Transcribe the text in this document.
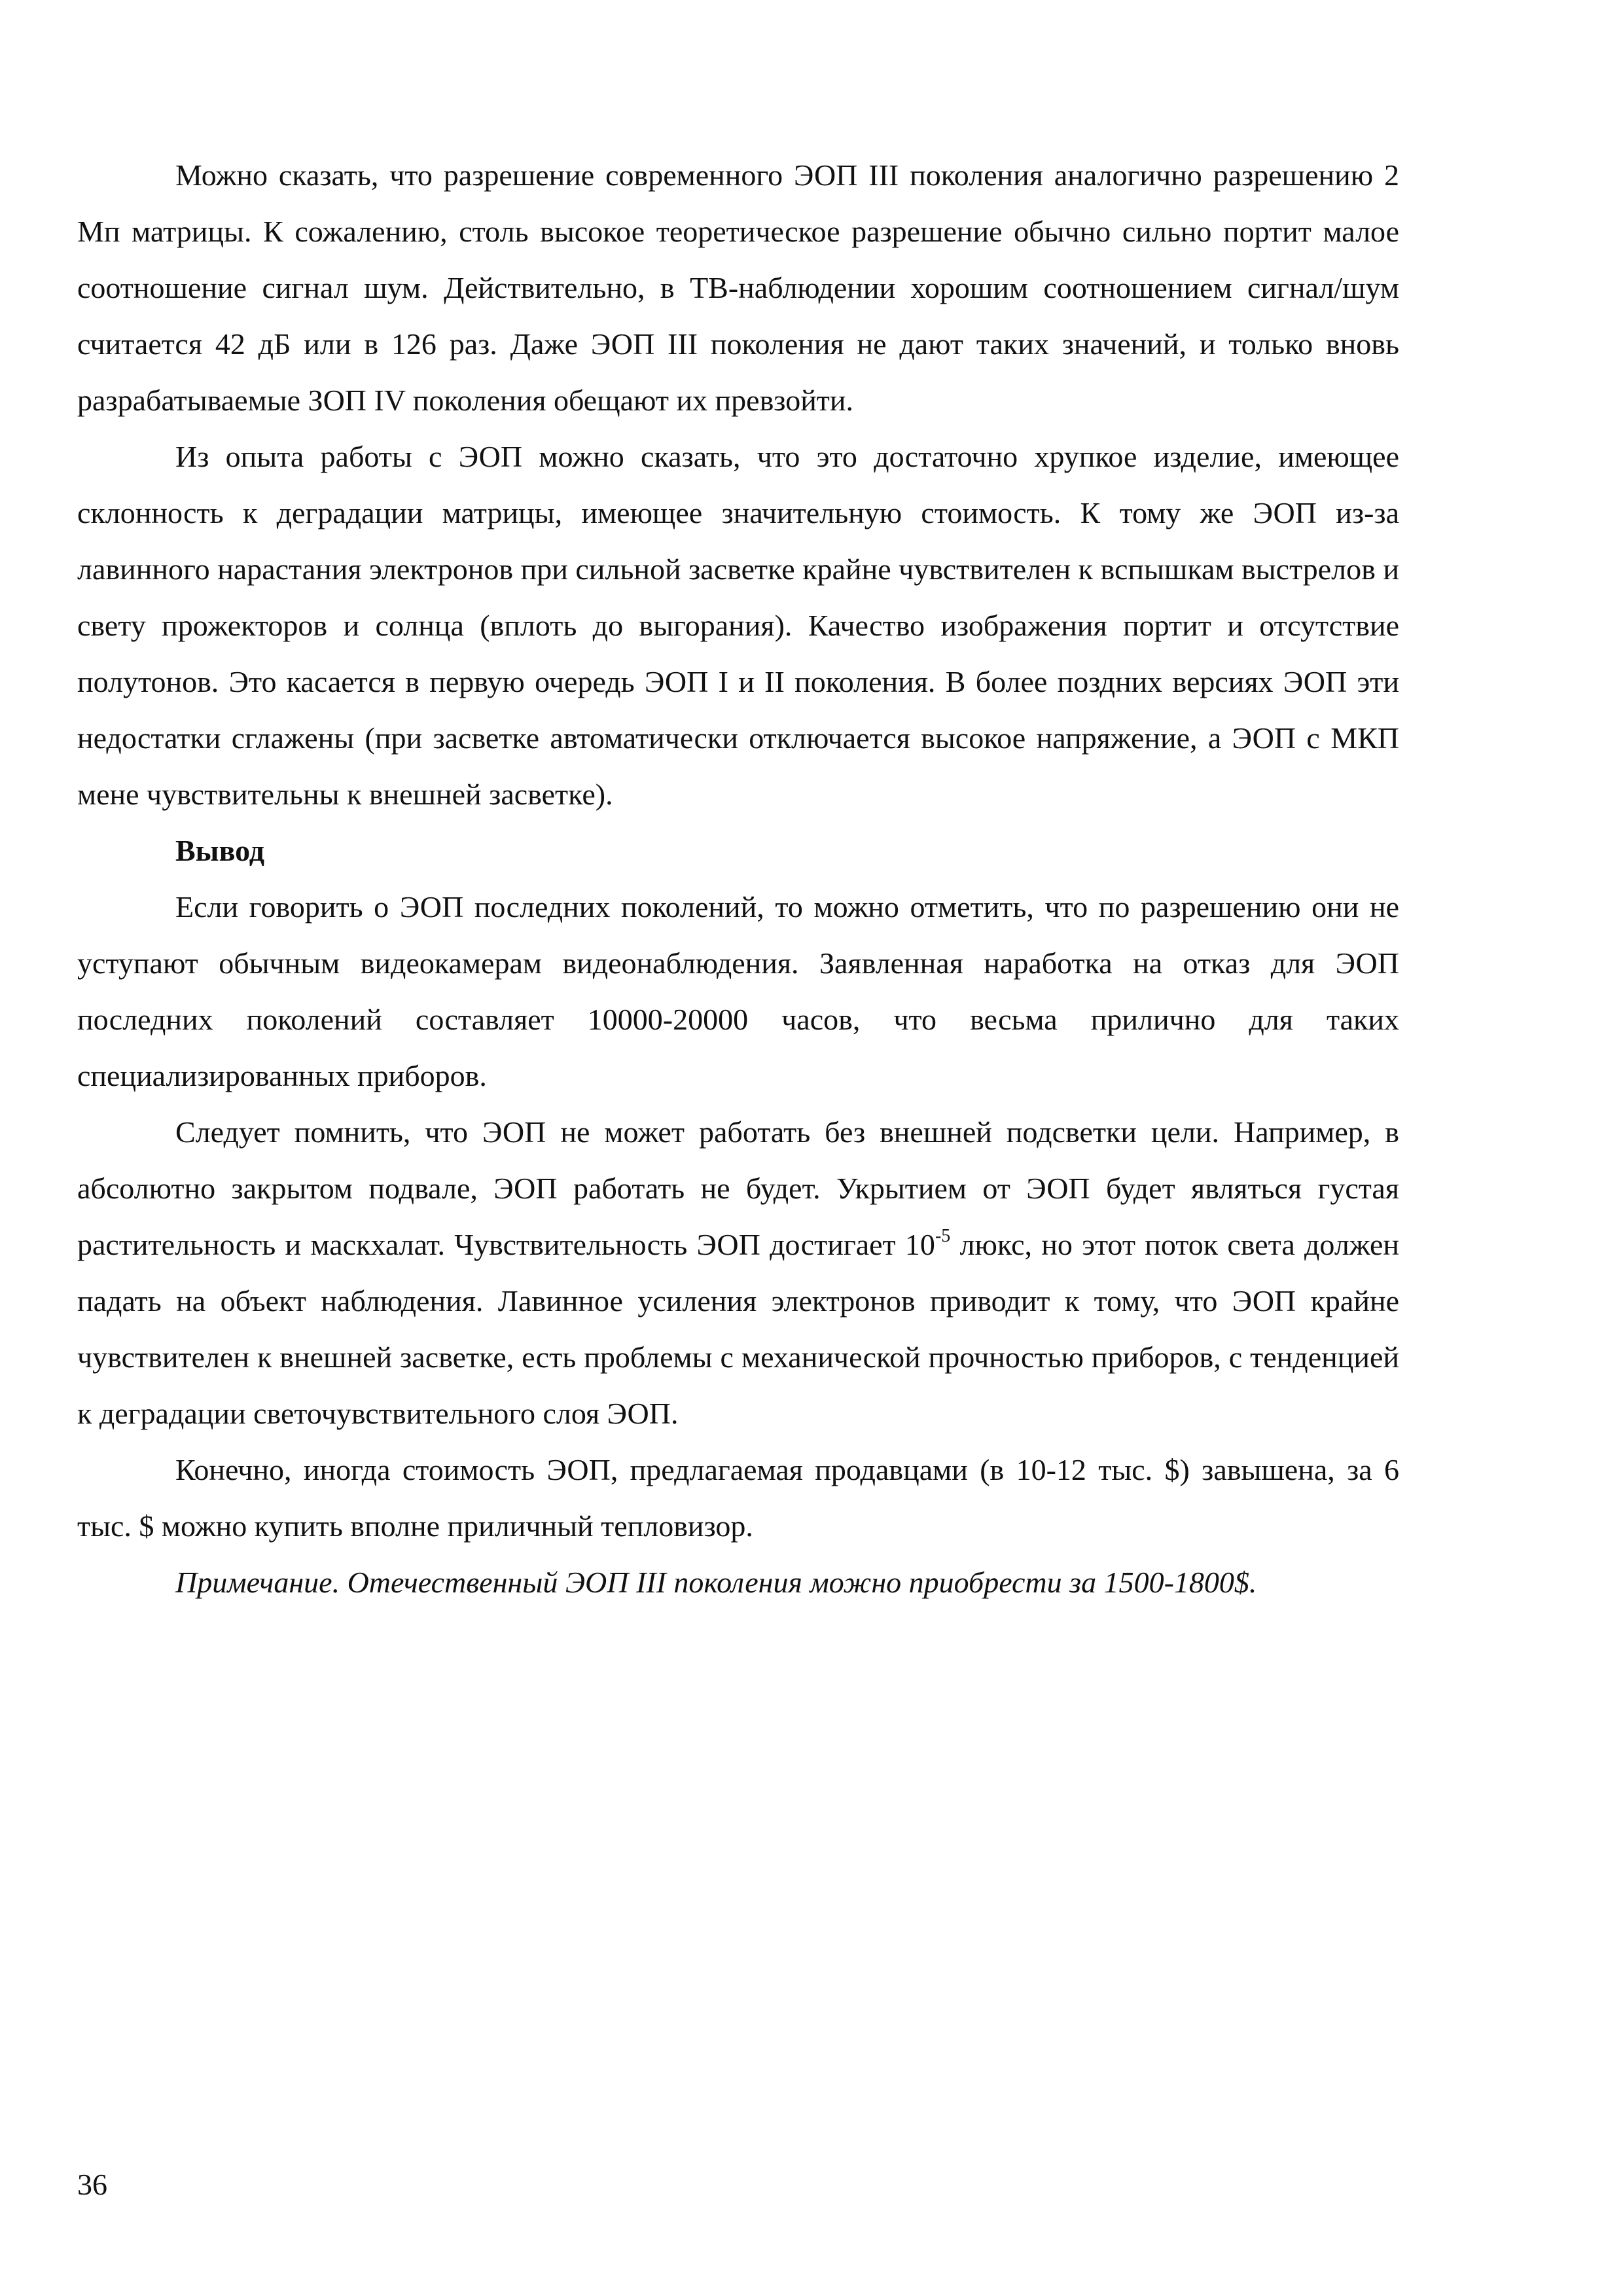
Можно сказать, что разрешение современного ЭОП III поколения аналогично разрешению 2 Мп матрицы. К сожалению, столь высокое теоретическое разрешение обычно сильно портит малое соотношение сигнал шум. Действительно, в ТВ-наблюдении хорошим соотношением сигнал/шум считается 42 дБ или в 126 раз. Даже ЭОП III поколения не дают таких значений, и только вновь разрабатываемые ЗОП IV поколения обещают их превзойти.

Из опыта работы с ЭОП можно сказать, что это достаточно хрупкое изделие, имеющее склонность к деградации матрицы, имеющее значительную стоимость. К тому же ЭОП из-за лавинного нарастания электронов при сильной засветке крайне чувствителен к вспышкам выстрелов и свету прожекторов и солнца (вплоть до выгорания). Качество изображения портит и отсутствие полутонов. Это касается в первую очередь ЭОП I и II поколения. В более поздних версиях ЭОП эти недостатки сглажены (при засветке автоматически отключается высокое напряжение, а ЭОП с МКП мене чувствительны к внешней засветке).

Вывод

Если говорить о ЭОП последних поколений, то можно отметить, что по разрешению они не уступают обычным видеокамерам видеонаблюдения. Заявленная наработка на отказ для ЭОП последних поколений составляет 10000-20000 часов, что весьма прилично для таких специализированных приборов.

Следует помнить, что ЭОП не может работать без внешней подсветки цели. Например, в абсолютно закрытом подвале, ЭОП работать не будет. Укрытием от ЭОП будет являться густая растительность и маскхалат. Чувствительность ЭОП достигает $10^{-5}$ люкс, но этот поток света должен падать на объект наблюдения. Лавинное усиления электронов приводит к тому, что ЭОП крайне чувствителен к внешней засветке, есть проблемы с механической прочностью приборов, с тенденцией к деградации светочувствительного слоя ЭОП.

Конечно, иногда стоимость ЭОП, предлагаемая продавцами (в 10-12 тыс. $) завышена, за 6 тыс. $ можно купить вполне приличный тепловизор.

Примечание. Отечественный ЭОП III поколения можно приобрести за 1500-1800$.

36
